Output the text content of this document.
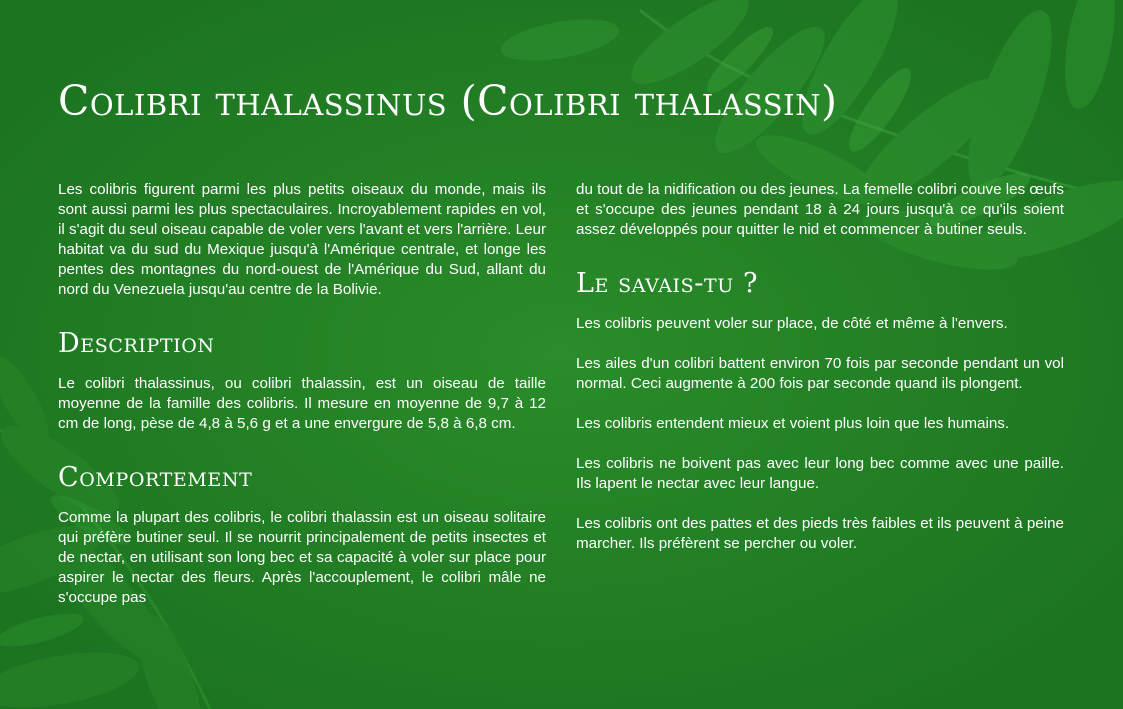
Colibri thalassinus (Colibri thalassin)

Les colibris figurent parmi les plus petits oiseaux du monde, mais ils sont aussi parmi les plus spectaculaires. Incroyablement rapides en vol, il s'agit du seul oiseau capable de voler vers l'avant et vers l'arrière. Leur habitat va du sud du Mexique jusqu'à l'Amérique centrale, et longe les pentes des montagnes du nord-ouest de l'Amérique du Sud, allant du nord du Venezuela jusqu'au centre de la Bolivie.

Description

Le colibri thalassinus, ou colibri thalassin, est un oiseau de taille moyenne de la famille des colibris. Il mesure en moyenne de 9,7 à 12 cm de long, pèse de 4,8 à 5,6 g et a une envergure de 5,8 à 6,8 cm.

Comportement

Comme la plupart des colibris, le colibri thalassin est un oiseau solitaire qui préfère butiner seul. Il se nourrit principalement de petits insectes et de nectar, en utilisant son long bec et sa capacité à voler sur place pour aspirer le nectar des fleurs. Après l'accouplement, le colibri mâle ne s'occupe pas

du tout de la nidification ou des jeunes. La femelle colibri couve les œufs et s'occupe des jeunes pendant 18 à 24 jours jusqu'à ce qu'ils soient assez développés pour quitter le nid et commencer à butiner seuls.

Le savais-tu ?

Les colibris peuvent voler sur place, de côté et même à l'envers.

Les ailes d'un colibri battent environ 70 fois par seconde pendant un vol normal. Ceci augmente à 200 fois par seconde quand ils plongent.

Les colibris entendent mieux et voient plus loin que les humains.

Les colibris ne boivent pas avec leur long bec comme avec une paille. Ils lapent le nectar avec leur langue.

Les colibris ont des pattes et des pieds très faibles et ils peuvent à peine marcher. Ils préfèrent se percher ou voler.
